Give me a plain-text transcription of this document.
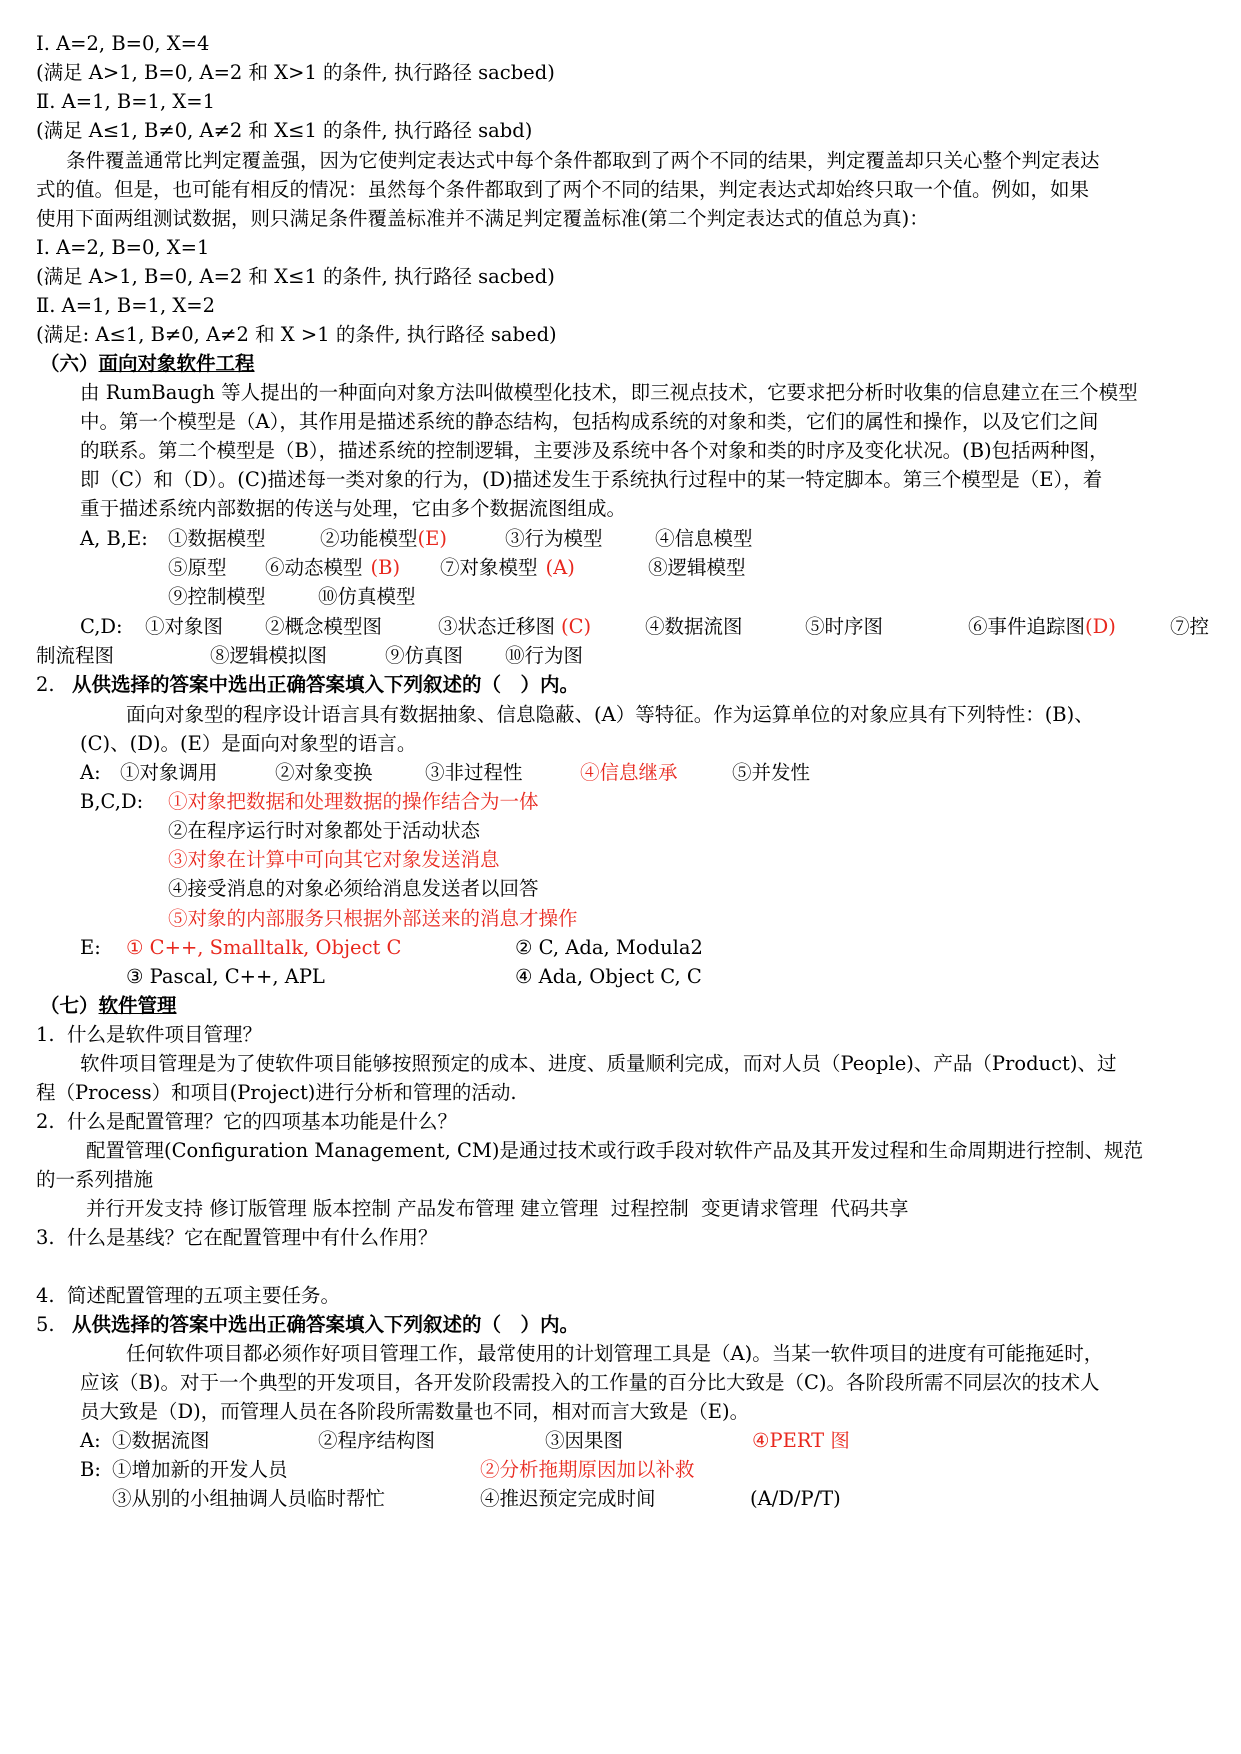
I. A=2, B=0, X=4
(满足 A>1, B=0, A=2 和 X>1 的条件, 执行路径 sacbed)
Ⅱ. A=1, B=1, X=1
(满足 A≤1, B≠0, A≠2 和 X≤1 的条件, 执行路径 sabd)
条件覆盖通常比判定覆盖强，因为它使判定表达式中每个条件都取到了两个不同的结果，判定覆盖却只关心整个判定表达
式的值。但是，也可能有相反的情况：虽然每个条件都取到了两个不同的结果，判定表达式却始终只取一个值。例如，如果
使用下面两组测试数据，则只满足条件覆盖标准并不满足判定覆盖标准(第二个判定表达式的值总为真)：
I. A=2, B=0, X=1
(满足 A>1, B=0, A=2 和 X≤1 的条件, 执行路径 sacbed)
Ⅱ. A=1, B=1, X=2
(满足: A≤1, B≠0, A≠2 和 X >1 的条件, 执行路径 sabed)
（六）面向对象软件工程
由 RumBaugh 等人提出的一种面向对象方法叫做模型化技术，即三视点技术，它要求把分析时收集的信息建立在三个模型
中。第一个模型是（A），其作用是描述系统的静态结构，包括构成系统的对象和类，它们的属性和操作，以及它们之间
的联系。第二个模型是（B），描述系统的控制逻辑，主要涉及系统中各个对象和类的时序及变化状况。(B)包括两种图，
即（C）和（D）。(C)描述每一类对象的行为，(D)描述发生于系统执行过程中的某一特定脚本。第三个模型是（E），着
重于描述系统内部数据的传送与处理，它由多个数据流图组成。
A, B,E: ①数据模型	②功能模型(E)	③行为模型	④信息模型
⑤原型 ⑥动态模型 (B) ⑦对象模型 (A)	⑧逻辑模型
⑨控制模型	⑩仿真模型
C,D: ①对象图 ②概念模型图	③状态迁移图 (C)	④数据流图	⑤时序图	⑥事件追踪图(D)	⑦控
制流程图	⑧逻辑模拟图	⑨仿真图 ⑩行为图
2. 从供选择的答案中选出正确答案填入下列叙述的（　）内。
面向对象型的程序设计语言具有数据抽象、信息隐蔽、(A）等特征。作为运算单位的对象应具有下列特性：(B)、
(C)、(D)。(E）是面向对象型的语言。
A: ①对象调用	②对象变换	③非过程性	④信息继承	⑤并发性
B,C,D: ①对象把数据和处理数据的操作结合为一体
②在程序运行时对象都处于活动状态
③对象在计算中可向其它对象发送消息
④接受消息的对象必须给消息发送者以回答
⑤对象的内部服务只根据外部送来的消息才操作
E: ① C++, Smalltalk, Object C	② C, Ada, Modula2
③ Pascal, C++, APL	④ Ada, Object C, C
（七）软件管理
1.  什么是软件项目管理？
软件项目管理是为了使软件项目能够按照预定的成本、进度、质量顺利完成，而对人员（People)、产品（Product)、过
程（Process）和项目(Project)进行分析和管理的活动.
2.  什么是配置管理？它的四项基本功能是什么？
配置管理(Configuration Management, CM)是通过技术或行政手段对软件产品及其开发过程和生命周期进行控制、规范
的一系列措施
并行开发支持 修订版管理 版本控制 产品发布管理 建立管理  过程控制  变更请求管理  代码共享
3.  什么是基线？它在配置管理中有什么作用？
4.  简述配置管理的五项主要任务。
5. 从供选择的答案中选出正确答案填入下列叙述的（　）内。
任何软件项目都必须作好项目管理工作，最常使用的计划管理工具是（A)。当某一软件项目的进度有可能拖延时，
应该（B)。对于一个典型的开发项目，各开发阶段需投入的工作量的百分比大致是（C)。各阶段所需不同层次的技术人
员大致是（D)，而管理人员在各阶段所需数量也不同，相对而言大致是（E)。
A: ①数据流图	②程序结构图	③因果图	④PERT 图
B: ①增加新的开发人员	②分析拖期原因加以补救
③从别的小组抽调人员临时帮忙	④推迟预定完成时间	(A/D/P/T)
